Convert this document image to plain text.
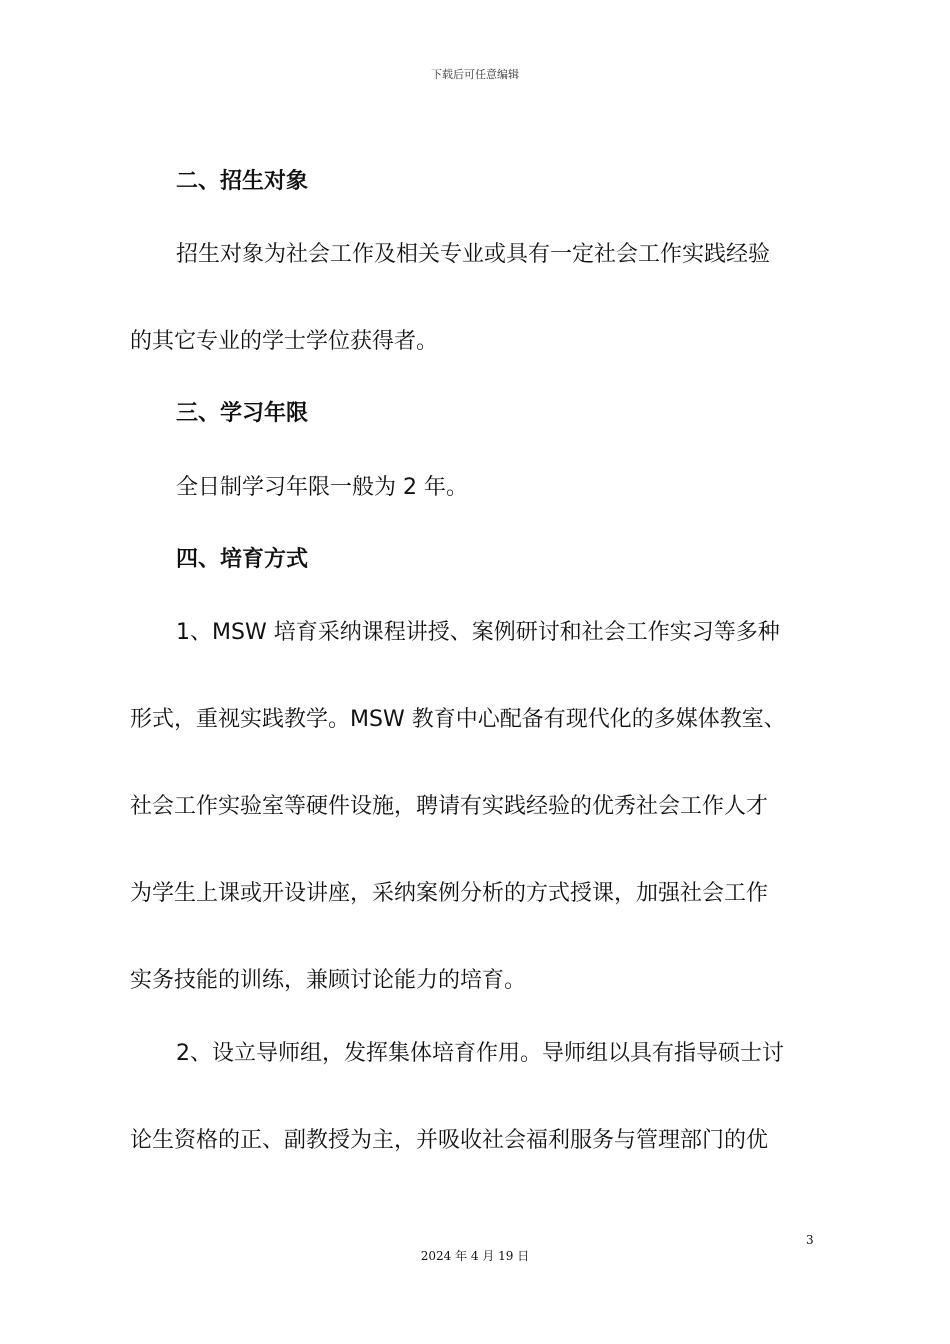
下载后可任意编辑
二、招生对象
招生对象为社会工作及相关专业或具有一定社会工作实践经验
的其它专业的学士学位获得者。
三、学习年限
全日制学习年限一般为 2 年。
四、培育方式
1、MSW 培育采纳课程讲授、案例研讨和社会工作实习等多种
形式，重视实践教学。MSW 教育中心配备有现代化的多媒体教室、
社会工作实验室等硬件设施，聘请有实践经验的优秀社会工作人才
为学生上课或开设讲座，采纳案例分析的方式授课，加强社会工作
实务技能的训练，兼顾讨论能力的培育。
2、设立导师组，发挥集体培育作用。导师组以具有指导硕士讨
论生资格的正、副教授为主，并吸收社会福利服务与管理部门的优
3
2024 年 4 月 19 日
